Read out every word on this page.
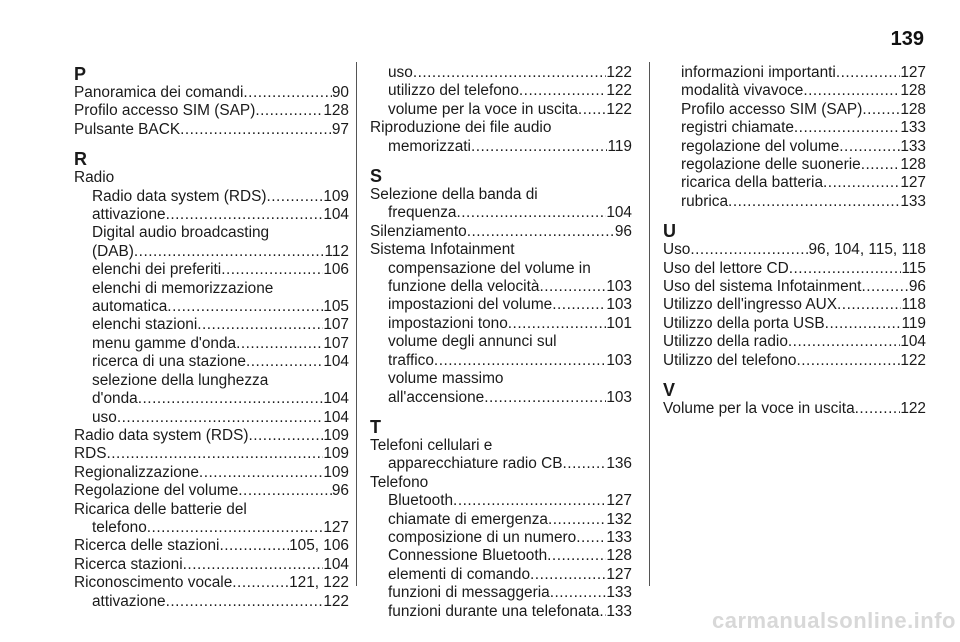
139
P
Panoramica dei comandi .....	90
Profilo accesso SIM (SAP) .....	128
Pulsante BACK .....	97
R
Radio
Radio data system (RDS) .....	109
attivazione .....	104
Digital audio broadcasting
(DAB) .....	112
elenchi dei preferiti .....	106
elenchi di memorizzazione
automatica .....	105
elenchi stazioni .....	107
menu gamme d'onda .....	107
ricerca di una stazione .....	104
selezione della lunghezza
d'onda .....	104
uso .....	104
Radio data system (RDS) .....	109
RDS .....	109
Regionalizzazione .....	109
Regolazione del volume .....	96
Ricarica delle batterie del
telefono .....	127
Ricerca delle stazioni .....	105, 106
Ricerca stazioni .....	104
Riconoscimento vocale .....	121, 122
attivazione .....	122
uso .....	122
utilizzo del telefono .....	122
volume per la voce in uscita ..... 122
Riproduzione dei file audio
memorizzati .....	119
S
Selezione della banda di
frequenza .....	104
Silenziamento .....	96
Sistema Infotainment
compensazione del volume in
funzione della velocità .....	103
impostazioni del volume .....	103
impostazioni tono .....	101
volume degli annunci sul
traffico .....	103
volume massimo
all'accensione .....	103
T
Telefoni cellulari e
apparecchiature radio CB .....	136
Telefono
Bluetooth .....	127
chiamate di emergenza .....	132
composizione di un numero ..... 133
Connessione Bluetooth .....	128
elementi di comando .....	127
funzioni di messaggeria .....	133
funzioni durante una telefonata ..... 133
informazioni importanti .....	127
modalità vivavoce .....	128
Profilo accesso SIM (SAP) ..... 128
registri chiamate .....	133
regolazione del volume .....	133
regolazione delle suonerie .....	128
ricarica della batteria .....	127
rubrica .....	133
U
Uso .....	96, 104, 115, 118
Uso del lettore CD .....	115
Uso del sistema Infotainment .....	96
Utilizzo dell'ingresso AUX .....	118
Utilizzo della porta USB .....	119
Utilizzo della radio .....	104
Utilizzo del telefono .....	122
V
Volume per la voce in uscita .....	122
carmanualsonline.info
